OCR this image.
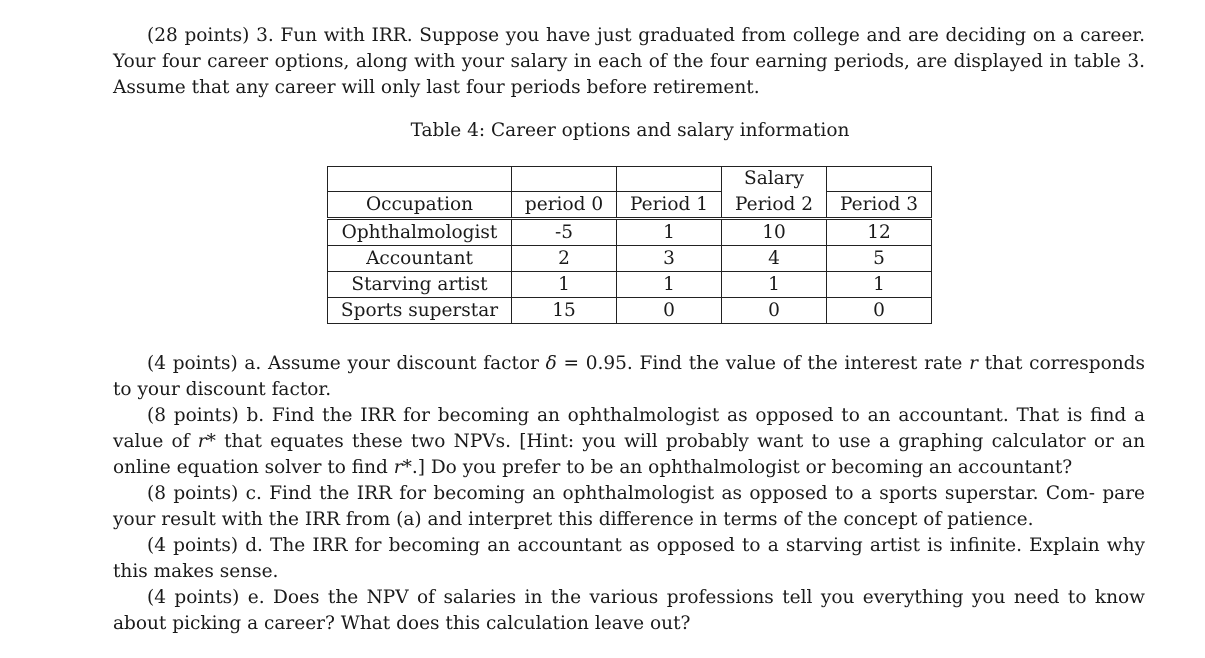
(28 points) 3. Fun with IRR. Suppose you have just graduated from college and are deciding on a career. Your four career options, along with your salary in each of the four earning periods, are displayed in table 3. Assume that any career will only last four periods before retirement.

Table 4: Career options and salary information
			Salary	
Occupation	period 0	Period 1	Period 2	Period 3
Ophthalmologist	-5	1	10	12
Accountant	2	3	4	5
Starving artist	1	1	1	1
Sports superstar	15	0	0	0

(4 points) a. Assume your discount factor δ = 0.95. Find the value of the interest rate r that corresponds to your discount factor.

(8 points) b. Find the IRR for becoming an ophthalmologist as opposed to an accountant. That is find a value of r* that equates these two NPVs. [Hint: you will probably want to use a graphing calculator or an online equation solver to find r*.] Do you prefer to be an ophthalmologist or becoming an accountant?

(8 points) c. Find the IRR for becoming an ophthalmologist as opposed to a sports superstar. Com- pare your result with the IRR from (a) and interpret this difference in terms of the concept of patience.

(4 points) d. The IRR for becoming an accountant as opposed to a starving artist is infinite. Explain why this makes sense.

(4 points) e. Does the NPV of salaries in the various professions tell you everything you need to know about picking a career? What does this calculation leave out?
